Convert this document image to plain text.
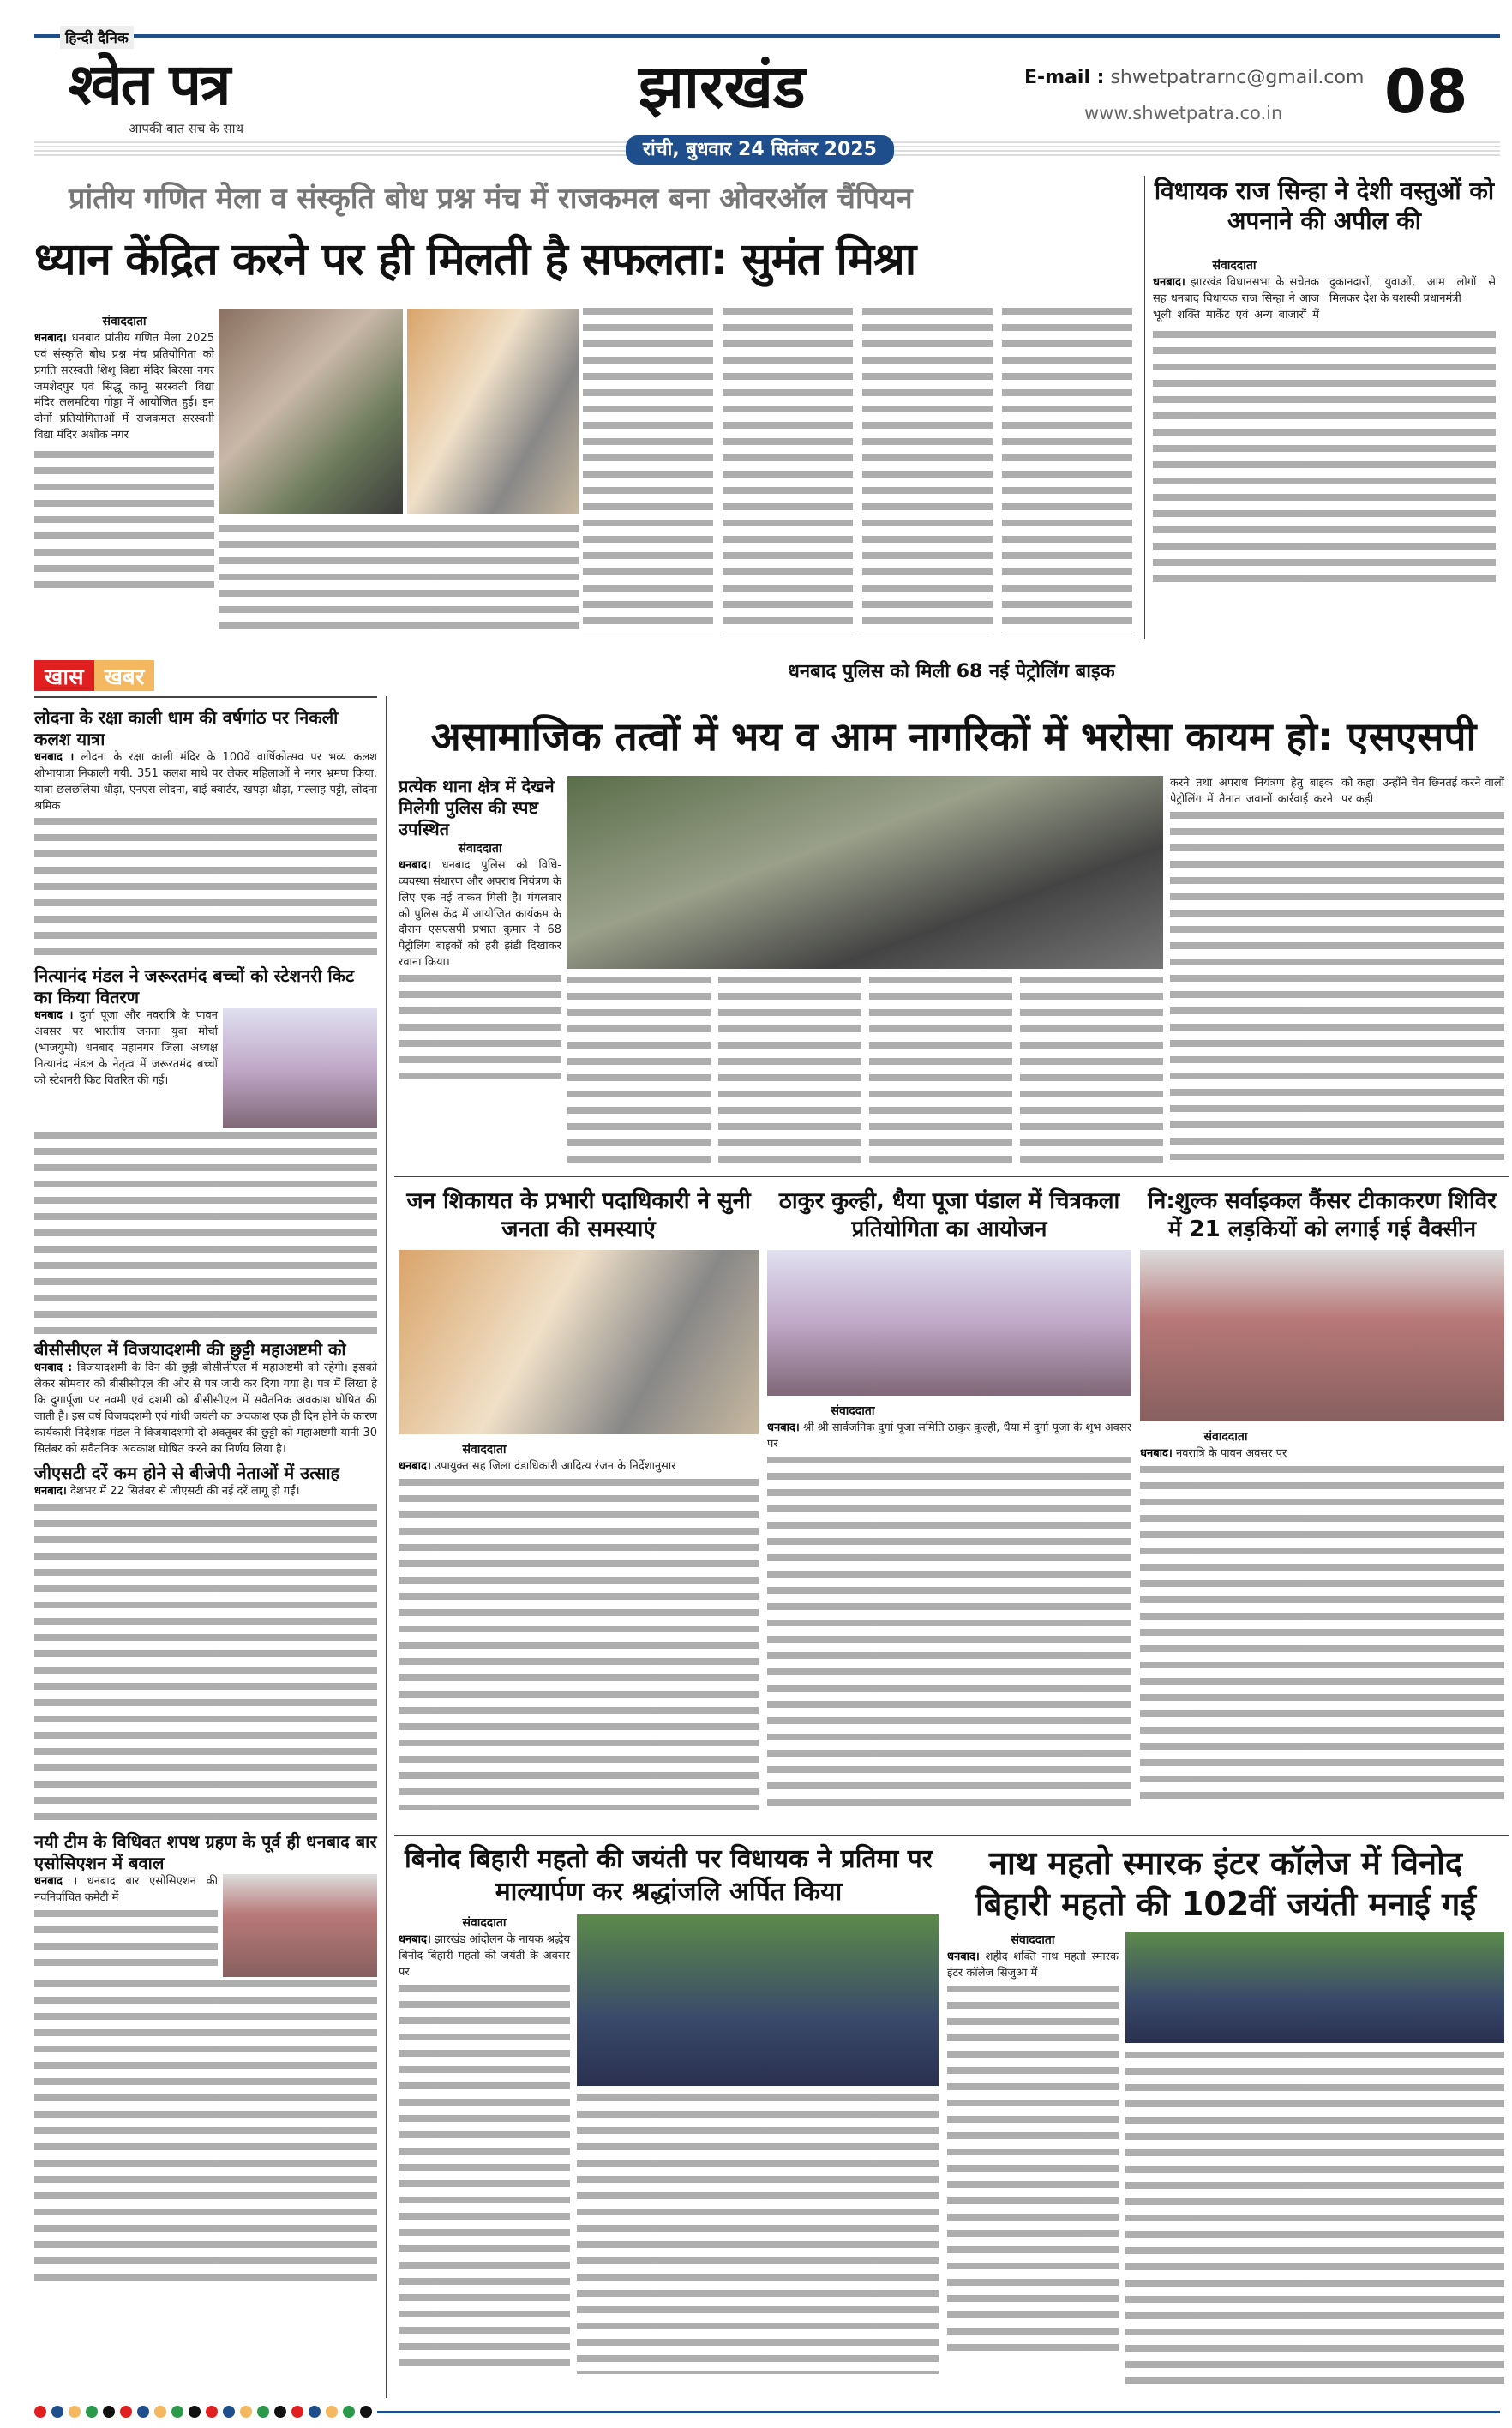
हिन्दी दैनिक
श्वेत पत्र
आपकी बात सच के साथ
झारखंड
रांची, बुधवार 24 सितंबर 2025
E-mail : shwetpatrarnc@gmail.com
www.shwetpatra.co.in 08
प्रांतीय गणित मेला व संस्कृति बोध प्रश्न मंच में राजकमल बना ओवरऑल चैंपियन
ध्यान केंद्रित करने पर ही मिलती है सफलता: सुमंत मिश्रा
संवाददाता
धनबाद। धनबाद प्रांतीय गणित मेला 2025 एवं संस्कृति बोध प्रश्न मंच प्रतियोगिता को प्रगति सरस्वती शिशु विद्या मंदिर बिरसा नगर जमशेदपुर एवं सिद्धू कानू सरस्वती विद्या मंदिर ललमटिया गोड्डा में आयोजित हुई। इन दोनों प्रतियोगिताओं में राजकमल सरस्वती विद्या मंदिर अशोक नगर
विधायक राज सिन्हा ने देशी वस्तुओं को अपनाने की अपील की
संवाददाता
धनबाद। झारखंड विधानसभा के सचेतक सह धनबाद विधायक राज सिन्हा ने आज भूली शक्ति मार्केट एवं अन्य बाजारों में दुकानदारों, युवाओं, आम लोगों से मिलकर देश के यशस्वी प्रधानमंत्री
खास खबर
लोदना के रक्षा काली धाम की वर्षगांठ पर निकली कलश यात्रा
धनबाद । लोदना के रक्षा काली मंदिर के 100वें वार्षिकोत्सव पर भव्य कलश शोभायात्रा निकाली गयी. 351 कलश माथे पर लेकर महिलाओं ने नगर भ्रमण किया. यात्रा छलछलिया धौड़ा, एनएस लोदना, बाई क्वार्टर, खपड़ा धौड़ा, मल्लाह पट्टी, लोदना श्रमिक
नित्यानंद मंडल ने जरूरतमंद बच्चों को स्टेशनरी किट का किया वितरण
धनबाद । दुर्गा पूजा और नवरात्रि के पावन अवसर पर भारतीय जनता युवा मोर्चा (भाजयुमो) धनबाद महानगर जिला अध्यक्ष नित्यानंद मंडल के नेतृत्व में जरूरतमंद बच्चों को स्टेशनरी किट वितरित की गई।
बीसीसीएल में विजयादशमी की छुट्टी महाअष्टमी को
धनबाद : विजयादशमी के दिन की छुट्टी बीसीसीएल में महाअष्टमी को रहेगी। इसको लेकर सोमवार को बीसीसीएल की ओर से पत्र जारी कर दिया गया है। पत्र में लिखा है कि दुगार्पूजा पर नवमी एवं दशमी को बीसीसीएल में सवैतनिक अवकाश घोषित की जाती है। इस वर्ष विजयदशमी एवं गांधी जयंती का अवकाश एक ही दिन होने के कारण कार्यकारी निदेशक मंडल ने विजयादशमी दो अक्तूबर की छुट्टी को महाअष्टमी यानी 30 सितंबर को सवैतनिक अवकाश घोषित करने का निर्णय लिया है।
जीएसटी दरें कम होने से बीजेपी नेताओं में उत्साह
धनबाद। देशभर में 22 सितंबर से जीएसटी की नई दरें लागू हो गईं।
नयी टीम के विधिवत शपथ ग्रहण के पूर्व ही धनबाद बार एसोसिएशन में बवाल
धनबाद । धनबाद बार एसोसिएशन की नवनिर्वाचित कमेटी में
धनबाद पुलिस को मिली 68 नई पेट्रोलिंग बाइक
असामाजिक तत्वों में भय व आम नागरिकों में भरोसा कायम हो: एसएसपी
प्रत्येक थाना क्षेत्र में देखने मिलेगी पुलिस की स्पष्ट उपस्थित
संवाददाता
धनबाद। धनबाद पुलिस को विधि-व्यवस्था संधारण और अपराध नियंत्रण के लिए एक नई ताकत मिली है। मंगलवार को पुलिस केंद्र में आयोजित कार्यक्रम के दौरान एसएसपी प्रभात कुमार ने 68 पेट्रोलिंग बाइकों को हरी झंडी दिखाकर रवाना किया।
करने तथा अपराध नियंत्रण हेतु बाइक पेट्रोलिंग में तैनात जवानों कार्रवाई करने को कहा। उन्होंने चैन छिनतई करने वालों पर कड़ी
जन शिकायत के प्रभारी पदाधिकारी ने सुनी जनता की समस्याएं
संवाददाता
धनबाद। उपायुक्त सह जिला दंडाधिकारी आदित्य रंजन के निर्देशानुसार
ठाकुर कुल्ही, धैया पूजा पंडाल में चित्रकला प्रतियोगिता का आयोजन
संवाददाता
धनबाद। श्री श्री सार्वजनिक दुर्गा पूजा समिति ठाकुर कुल्ही, धैया में दुर्गा पूजा के शुभ अवसर पर
नि:शुल्क सर्वाइकल कैंसर टीकाकरण शिविर में 21 लड़कियों को लगाई गई वैक्सीन
संवाददाता
धनबाद। नवरात्रि के पावन अवसर पर
बिनोद बिहारी महतो की जयंती पर विधायक ने प्रतिमा पर माल्यार्पण कर श्रद्धांजलि अर्पित किया
संवाददाता
धनबाद। झारखंड आंदोलन के नायक श्रद्धेय बिनोद बिहारी महतो की जयंती के अवसर पर
नाथ महतो स्मारक इंटर कॉलेज में विनोद बिहारी महतो की 102वीं जयंती मनाई गई
संवाददाता
धनबाद। शहीद शक्ति नाथ महतो स्मारक इंटर कॉलेज सिजुआ में
